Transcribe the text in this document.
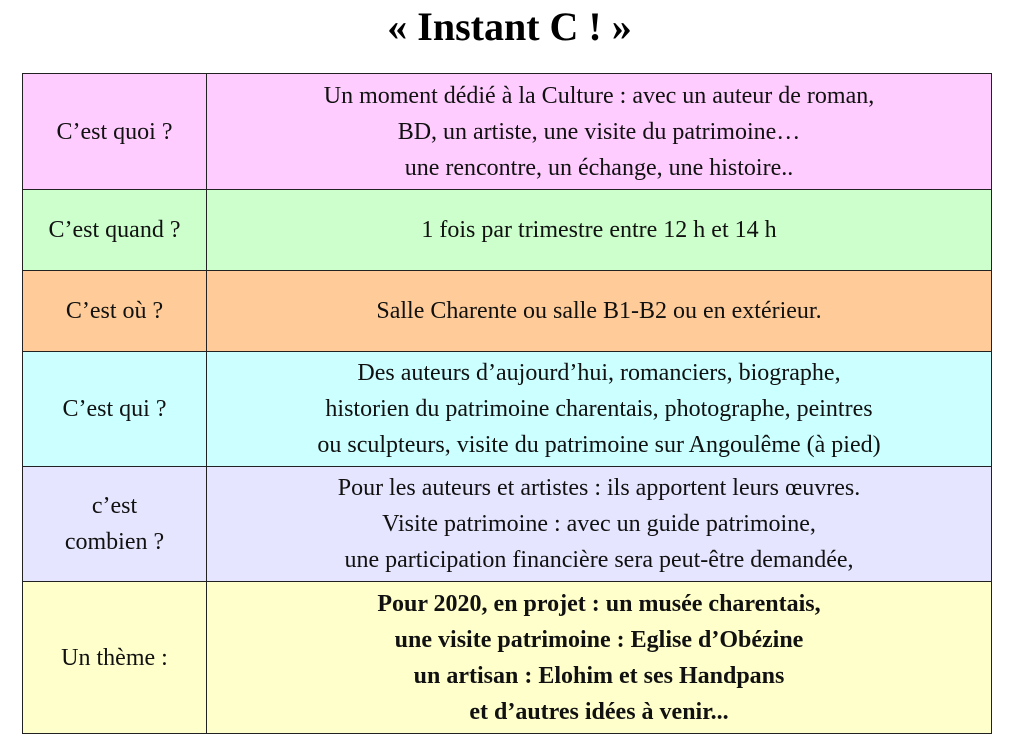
« Instant C ! »
C’est quoi ?	Un moment dédié à la Culture : avec un auteur de roman,
BD, un artiste, une visite du patrimoine…
une rencontre, un échange, une histoire..

C’est quand ?	1 fois par trimestre entre 12 h et 14 h

C’est où ?	Salle Charente ou salle B1-B2 ou en extérieur.

C’est qui ?	Des auteurs d’aujourd’hui, romanciers, biographe,
historien du patrimoine charentais, photographe, peintres
ou sculpteurs, visite du patrimoine sur Angoulême (à pied)

c’est
combien ?	Pour les auteurs et artistes : ils apportent leurs œuvres.
Visite patrimoine : avec un guide patrimoine,
une participation financière sera peut-être demandée,

Un thème :	Pour 2020, en projet : un musée charentais,
une visite patrimoine : Eglise d’Obézine
un artisan : Elohim et ses Handpans
et d’autres idées à venir...
